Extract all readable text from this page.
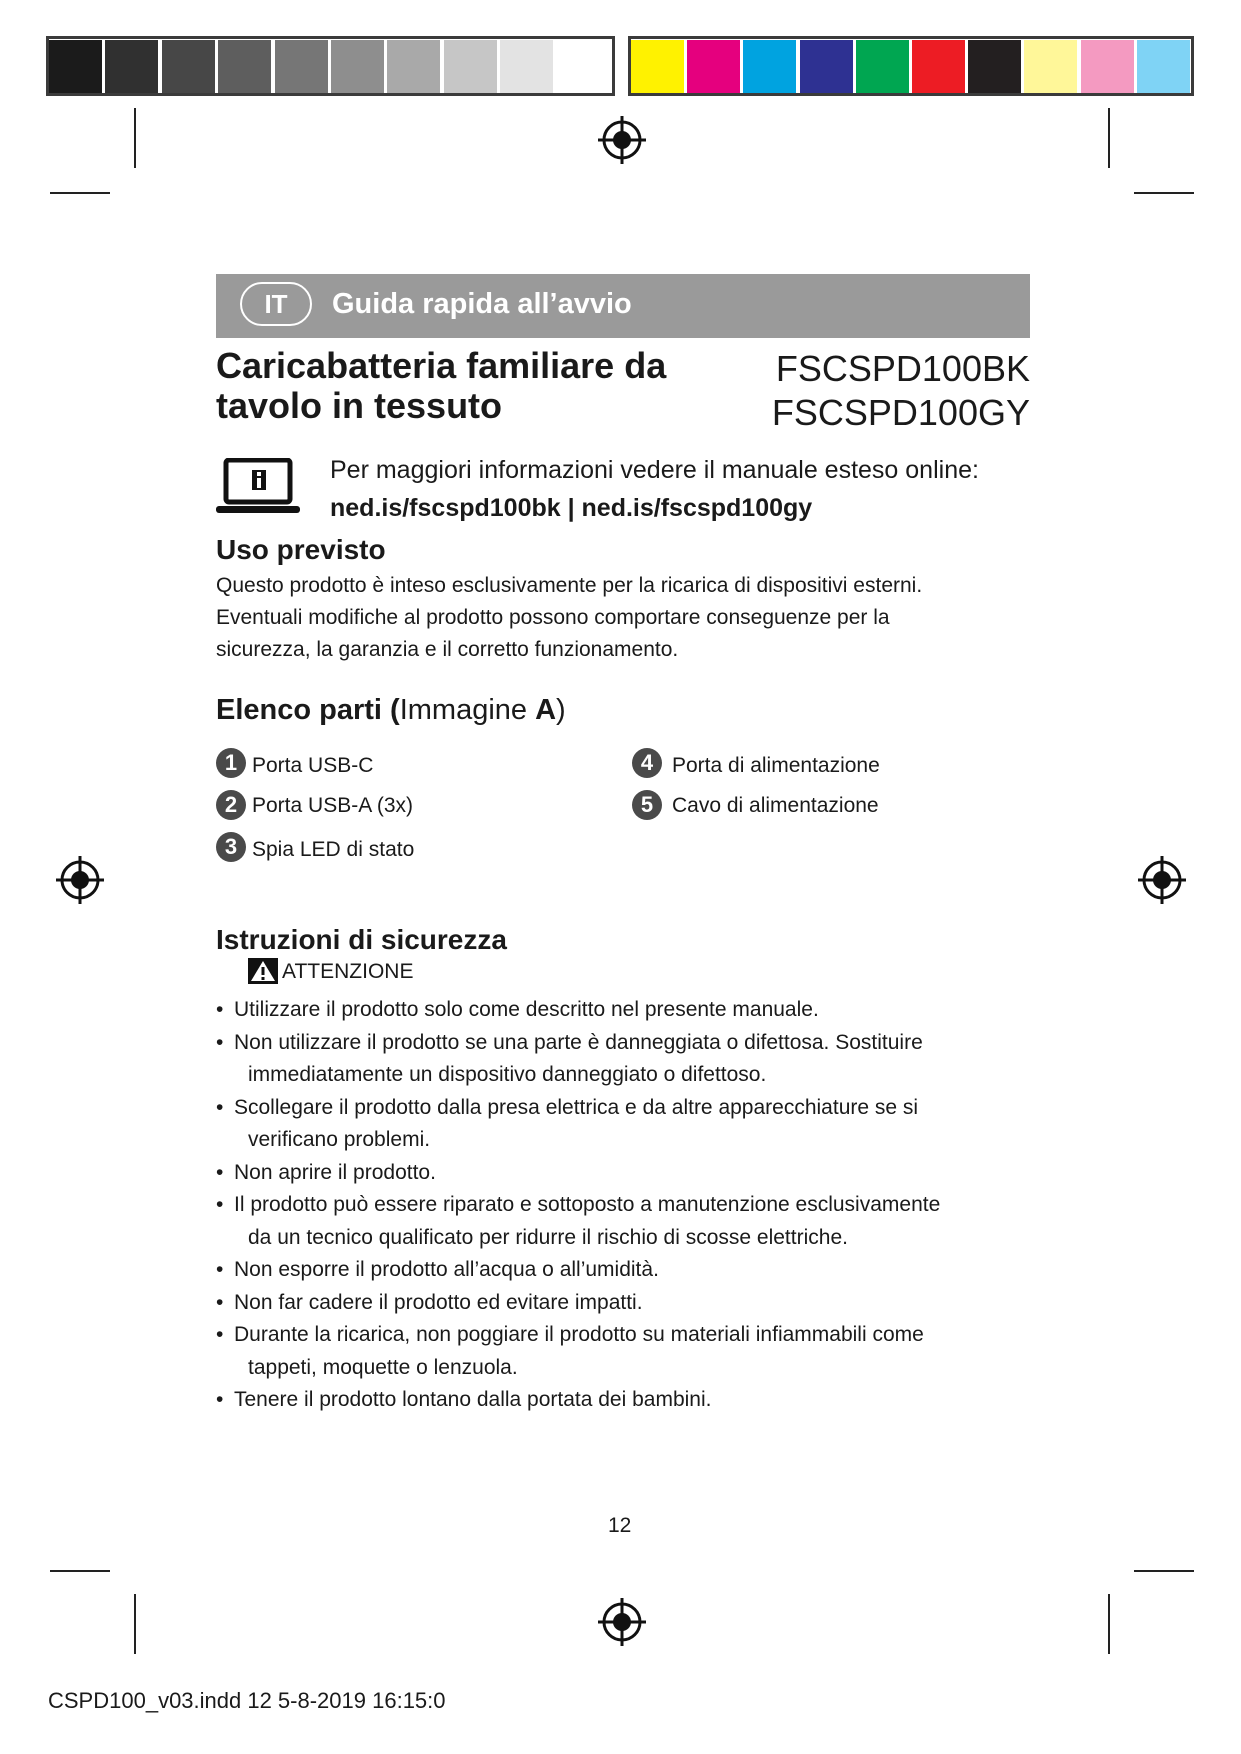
IT	Guida rapida all’avvio
Caricabatteria familiare da
tavolo in tessuto
FSCSPD100BK
FSCSPD100GY
Per maggiori informazioni vedere il manuale esteso online:
ned.is/fscspd100bk | ned.is/fscspd100gy
Uso previsto
Questo prodotto è inteso esclusivamente per la ricarica di dispositivi esterni.
Eventuali modifiche al prodotto possono comportare conseguenze per la
sicurezza, la garanzia e il corretto funzionamento.
Elenco parti (Immagine A)
1 Porta USB-C
2 Porta USB-A (3x)
3 Spia LED di stato
4 Porta di alimentazione
5 Cavo di alimentazione
Istruzioni di sicurezza
ATTENZIONE
• Utilizzare il prodotto solo come descritto nel presente manuale.
• Non utilizzare il prodotto se una parte è danneggiata o difettosa. Sostituire
immediatamente un dispositivo danneggiato o difettoso.
• Scollegare il prodotto dalla presa elettrica e da altre apparecchiature se si
verificano problemi.
• Non aprire il prodotto.
• Il prodotto può essere riparato e sottoposto a manutenzione esclusivamente
da un tecnico qualificato per ridurre il rischio di scosse elettriche.
• Non esporre il prodotto all’acqua o all’umidità.
• Non far cadere il prodotto ed evitare impatti.
• Durante la ricarica, non poggiare il prodotto su materiali infiammabili come
tappeti, moquette o lenzuola.
• Tenere il prodotto lontano dalla portata dei bambini.
12
CSPD100_v03.indd 12 5-8-2019 16:15:0
